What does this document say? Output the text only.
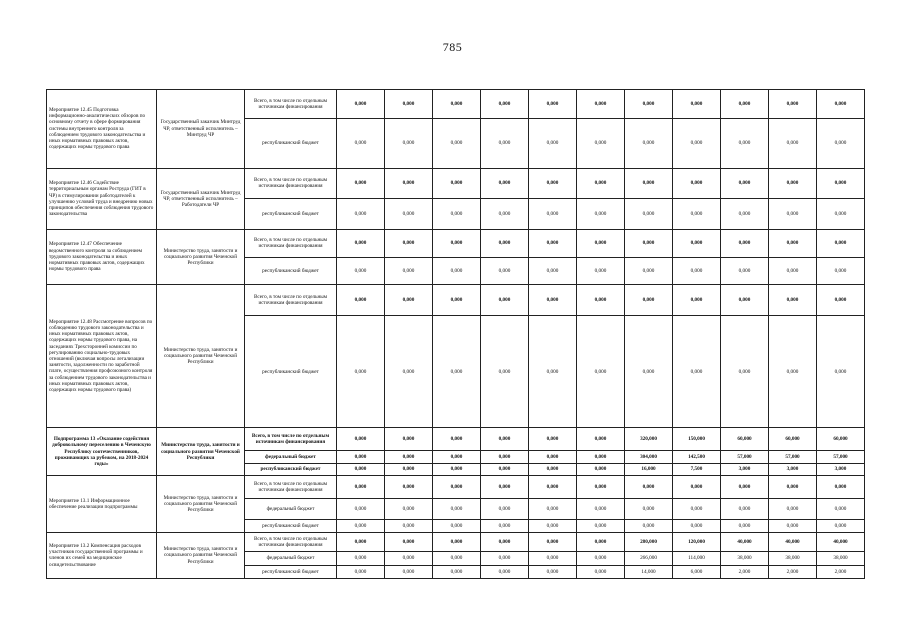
785
Мероприятие 12.45 Подготовка информационно-аналитических обзоров по основному отчету в сфере формирования системы внутреннего контроля за соблюдением трудового законодательства и иных нормативных правовых актов, содержащих нормы трудового права	Государственный заказчик Минтруд ЧР, ответственный исполнитель – Минтруд ЧР	Всего, в том числе по отдельным источникам финансирования	0,000	0,000	0,000	0,000	0,000	0,000	0,000	0,000	0,000	0,000	0,000
		республиканский бюджет	0,000	0,000	0,000	0,000	0,000	0,000	0,000	0,000	0,000	0,000	0,000
Мероприятие 12.46 Содействие территориальным органам Роструда (ГИТ в ЧР) в стимулировании работодателей к улучшению условий труда и внедрению новых принципов обеспечения соблюдения трудового законодательства	Государственный заказчик Минтруд ЧР, ответственный исполнитель – Работодатели ЧР	Всего, в том числе по отдельным источникам финансирования	0,000	0,000	0,000	0,000	0,000	0,000	0,000	0,000	0,000	0,000	0,000
		республиканский бюджет	0,000	0,000	0,000	0,000	0,000	0,000	0,000	0,000	0,000	0,000	0,000
Мероприятие 12.47 Обеспечение ведомственного контроля за соблюдением трудового законодательства и иных нормативных правовых актов, содержащих нормы трудового права	Министерство труда, занятости и социального развития Чеченской Республики	Всего, в том числе по отдельным источникам финансирования	0,000	0,000	0,000	0,000	0,000	0,000	0,000	0,000	0,000	0,000	0,000
		республиканский бюджет	0,000	0,000	0,000	0,000	0,000	0,000	0,000	0,000	0,000	0,000	0,000
Мероприятие 12.48 Рассмотрение вопросов по соблюдению трудового законодательства и иных нормативных правовых актов, содержащих нормы трудового права, на заседаниях Трехсторонней комиссии по регулированию социально-трудовых отношений (включая вопросы легализации занятости, задолженности по заработной плате, осуществления профсоюзного контроля за соблюдением трудового законодательства и иных нормативных правовых актов, содержащих нормы трудового права)	Министерство труда, занятости и социального развития Чеченской Республики	Всего, в том числе по отдельным источникам финансирования	0,000	0,000	0,000	0,000	0,000	0,000	0,000	0,000	0,000	0,000	0,000
		республиканский бюджет	0,000	0,000	0,000	0,000	0,000	0,000	0,000	0,000	0,000	0,000	0,000
Подпрограмма 13 «Оказание содействия добровольному переселению в Чеченскую Республику соотечественников, проживающих за рубежом, на 2018-2024 годы»	Министерство труда, занятости и социального развития Чеченской Республики	Всего, в том числе по отдельным источникам финансирования	0,000	0,000	0,000	0,000	0,000	0,000	320,000	150,000	60,000	60,000	60,000
		федеральный бюджет	0,000	0,000	0,000	0,000	0,000	0,000	304,000	142,500	57,000	57,000	57,000
		республиканский бюджет	0,000	0,000	0,000	0,000	0,000	0,000	16,000	7,500	3,000	3,000	3,000
Мероприятие 13.1 Информационное обеспечение реализации подпрограммы	Министерство труда, занятости и социального развития Чеченской Республики	Всего, в том числе по отдельным источникам финансирования	0,000	0,000	0,000	0,000	0,000	0,000	0,000	0,000	0,000	0,000	0,000
		федеральный бюджет	0,000	0,000	0,000	0,000	0,000	0,000	0,000	0,000	0,000	0,000	0,000
		республиканский бюджет	0,000	0,000	0,000	0,000	0,000	0,000	0,000	0,000	0,000	0,000	0,000
Мероприятие 13.2 Компенсация расходов участников государственной программы и членов их семей на медицинское освидетельствование	Министерство труда, занятости и социального развития Чеченской Республики	Всего, в том числе по отдельным источникам финансирования	0,000	0,000	0,000	0,000	0,000	0,000	280,000	120,000	40,000	40,000	40,000
		федеральный бюджет	0,000	0,000	0,000	0,000	0,000	0,000	266,000	114,000	38,000	38,000	38,000
		республиканский бюджет	0,000	0,000	0,000	0,000	0,000	0,000	14,000	6,000	2,000	2,000	2,000
